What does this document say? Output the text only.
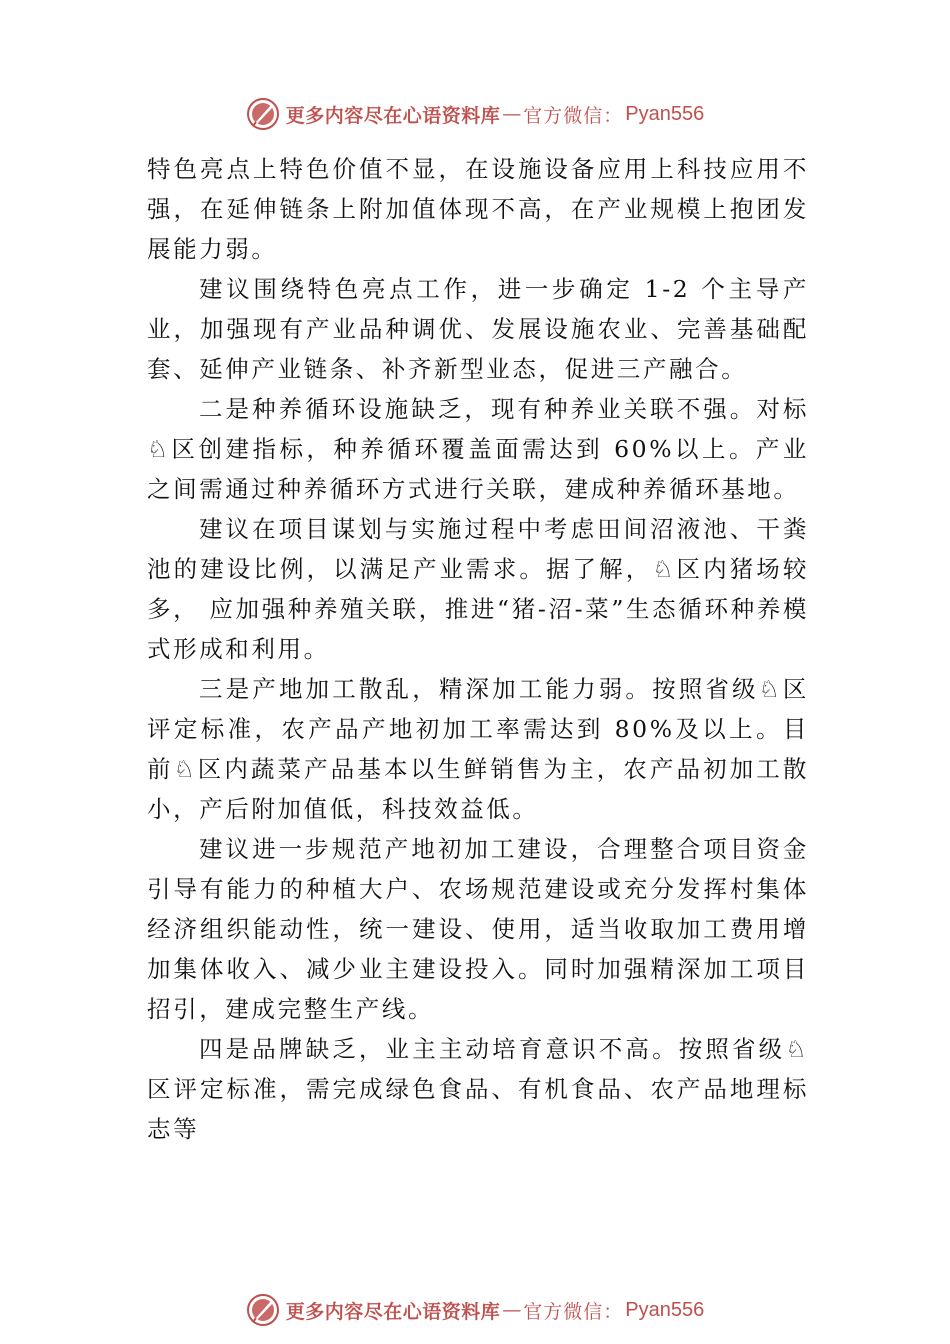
更多内容尽在心语资料库 — 官方微信： Pyan556

特色亮点上特色价值不显，在设施设备应用上科技应用不强，在延伸链条上附加值体现不高，在产业规模上抱团发展能力弱。

建议围绕特色亮点工作，进一步确定 1-2 个主导产业，加强现有产业品种调优、发展设施农业、完善基础配套、延伸产业链条、补齐新型业态，促进三产融合。

二是种养循环设施缺乏，现有种养业关联不强。对标♘区创建指标，种养循环覆盖面需达到 60%以上。产业之间需通过种养循环方式进行关联，建成种养循环基地。

建议在项目谋划与实施过程中考虑田间沼液池、干粪池的建设比例，以满足产业需求。据了解，♘区内猪场较多， 应加强种养殖关联，推进“猪-沼-菜”生态循环种养模式形成和利用。

三是产地加工散乱，精深加工能力弱。按照省级♘区评定标准，农产品产地初加工率需达到 80%及以上。目前♘区内蔬菜产品基本以生鲜销售为主，农产品初加工散小，产后附加值低，科技效益低。

建议进一步规范产地初加工建设，合理整合项目资金引导有能力的种植大户、农场规范建设或充分发挥村集体经济组织能动性，统一建设、使用，适当收取加工费用增加集体收入、减少业主建设投入。同时加强精深加工项目招引，建成完整生产线。

四是品牌缺乏，业主主动培育意识不高。按照省级♘区评定标准，需完成绿色食品、有机食品、农产品地理标志等

更多内容尽在心语资料库 — 官方微信： Pyan556
